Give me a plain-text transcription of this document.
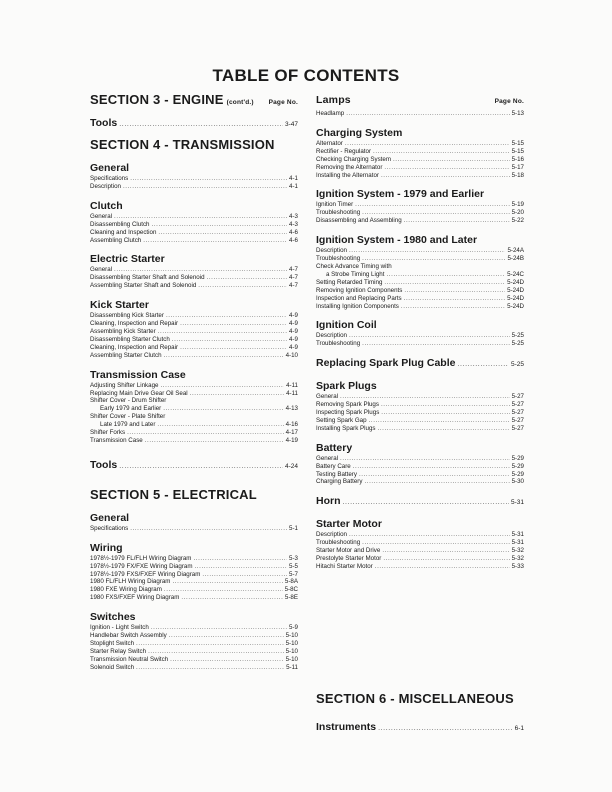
TABLE OF CONTENTS
SECTION 3 - ENGINE (cont'd.) Page No.
Tools .....	3-47
SECTION 4 - TRANSMISSION
General
Specifications .....	4-1
Description .....	4-1
Clutch
General .....	4-3
Disassembling Clutch .....	4-3
Cleaning and Inspection .....	4-6
Assembling Clutch .....	4-6
Electric Starter
General .....	4-7
Disassembling Starter Shaft and Solenoid .....	4-7
Assembling Starter Shaft and Solenoid .....	4-7
Kick Starter
Disassembling Kick Starter .....	4-9
Cleaning, Inspection and Repair .....	4-9
Assembling Kick Starter .....	4-9
Disassembling Starter Clutch .....	4-9
Cleaning, Inspection and Repair .....	4-9
Assembling Starter Clutch .....	4-10
Transmission Case
Adjusting Shifter Linkage .....	4-11
Replacing Main Drive Gear Oil Seal .....	4-11
Shifter Cover - Drum Shifter
Early 1979 and Earlier .....	4-13
Shifter Cover - Plate Shifter
Late 1979 and Later .....	4-16
Shifter Forks .....	4-17
Transmission Case .....	4-19
Tools .....	4-24
SECTION 5 - ELECTRICAL
General
Specifications .....	5-1
Wiring
1978½-1979 FL/FLH Wiring Diagram .....	5-3
1978½-1979 FX/FXE Wiring Diagram .....	5-5
1978½-1979 FXS/FXEF Wiring Diagram .....	5-7
1980 FL/FLH Wiring Diagram .....	5-8A
1980 FXE Wiring Diagram .....	5-8C
1980 FXS/FXEF Wiring Diagram .....	5-8E
Switches
Ignition - Light Switch .....	5-9
Handlebar Switch Assembly .....	5-10
Stoplight Switch .....	5-10
Starter Relay Switch .....	5-10
Transmission Neutral Switch .....	5-10
Solenoid Switch .....	5-11
Lamps	Page No.
Headlamp .....	5-13
Charging System
Alternator .....	5-15
Rectifier - Regulator .....	5-15
Checking Charging System .....	5-16
Removing the Alternator .....	5-17
Installing the Alternator .....	5-18
Ignition System - 1979 and Earlier
Ignition Timer .....	5-19
Troubleshooting .....	5-20
Disassembling and Assembling .....	5-22
Ignition System - 1980 and Later
Description .....	5-24A
Troubleshooting .....	5-24B
Check Advance Timing with
a Strobe Timing Light .....	5-24C
Setting Retarded Timing .....	5-24D
Removing Ignition Components .....	5-24D
Inspection and Replacing Parts .....	5-24D
Installing Ignition Components .....	5-24D
Ignition Coil
Description .....	5-25
Troubleshooting .....	5-25
Replacing Spark Plug Cable .....	5-25
Spark Plugs
General .....	5-27
Removing Spark Plugs .....	5-27
Inspecting Spark Plugs .....	5-27
Setting Spark Gap .....	5-27
Installing Spark Plugs .....	5-27
Battery
General .....	5-29
Battery Care .....	5-29
Testing Battery .....	5-29
Charging Battery .....	5-30
Horn .....	5-31
Starter Motor
Description .....	5-31
Troubleshooting .....	5-31
Starter Motor and Drive .....	5-32
Prestolyte Starter Motor .....	5-32
Hitachi Starter Motor .....	5-33
SECTION 6 - MISCELLANEOUS
Instruments .....	6-1
